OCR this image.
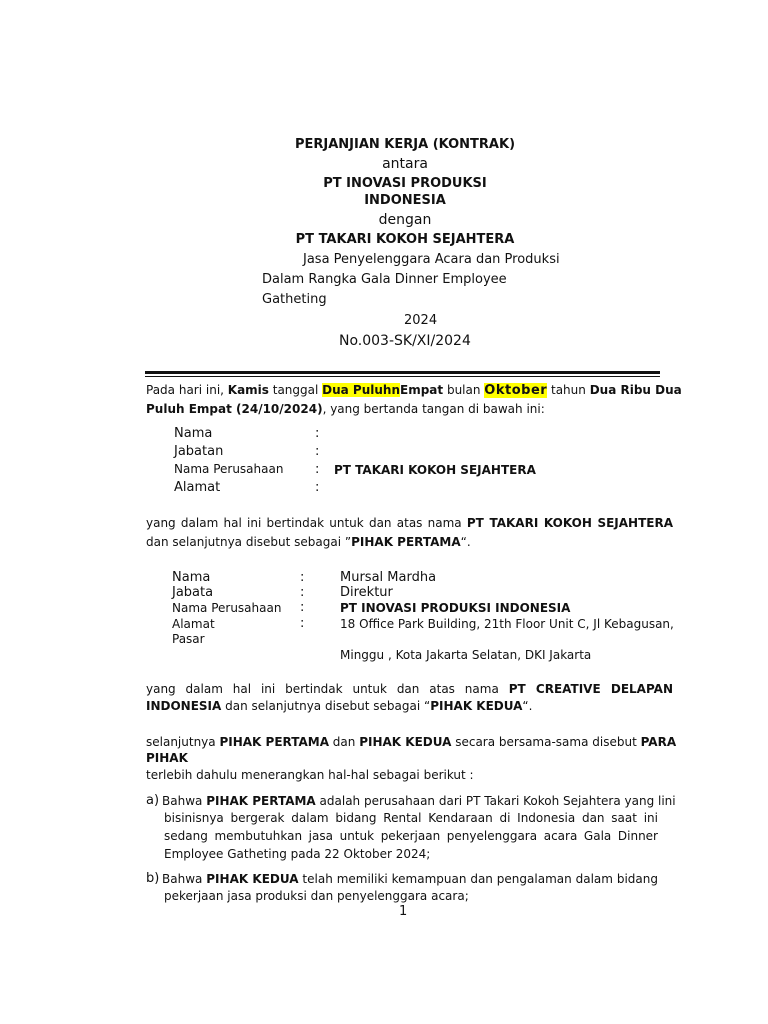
PERJANJIAN KERJA (KONTRAK)
antara
PT INOVASI PRODUKSI
INDONESIA
dengan
PT TAKARI KOKOH SEJAHTERA
Jasa Penyelenggara Acara dan Produksi
Dalam Rangka Gala Dinner Employee
Gatheting
2024
No.003-SK/XI/2024
Pada hari ini, Kamis tanggal Dua PuluhnEmpat bulan Oktober tahun Dua Ribu Dua
Puluh Empat (24/10/2024), yang bertanda tangan di bawah ini:
Nama	:
Jabatan	:
Nama Perusahaan : PT TAKARI KOKOH SEJAHTERA
Alamat	:
yang dalam hal ini bertindak untuk dan atas nama PT TAKARI KOKOH SEJAHTERA
dan selanjutnya disebut sebagai ”PIHAK PERTAMA“.
Nama	:	Mursal Mardha
Jabata	:	Direktur
Nama Perusahaan :	PT INOVASI PRODUKSI INDONESIA
Alamat	:	18 Office Park Building, 21th Floor Unit C, Jl Kebagusan,
Pasar
Minggu , Kota Jakarta Selatan, DKI Jakarta
yang dalam hal ini bertindak untuk dan atas nama PT CREATIVE DELAPAN
INDONESIA dan selanjutnya disebut sebagai “PIHAK KEDUA“.
selanjutnya PIHAK PERTAMA dan PIHAK KEDUA secara bersama-sama disebut PARA
PIHAK
terlebih dahulu menerangkan hal-hal sebagai berikut :
a) Bahwa PIHAK PERTAMA adalah perusahaan dari PT Takari Kokoh Sejahtera yang lini
bisinisnya bergerak dalam bidang Rental Kendaraan di Indonesia dan saat ini
sedang membutuhkan jasa untuk pekerjaan penyelenggara acara Gala Dinner
Employee Gatheting pada 22 Oktober 2024;
b) Bahwa PIHAK KEDUA telah memiliki kemampuan dan pengalaman dalam bidang
pekerjaan jasa produksi dan penyelenggara acara;
1
